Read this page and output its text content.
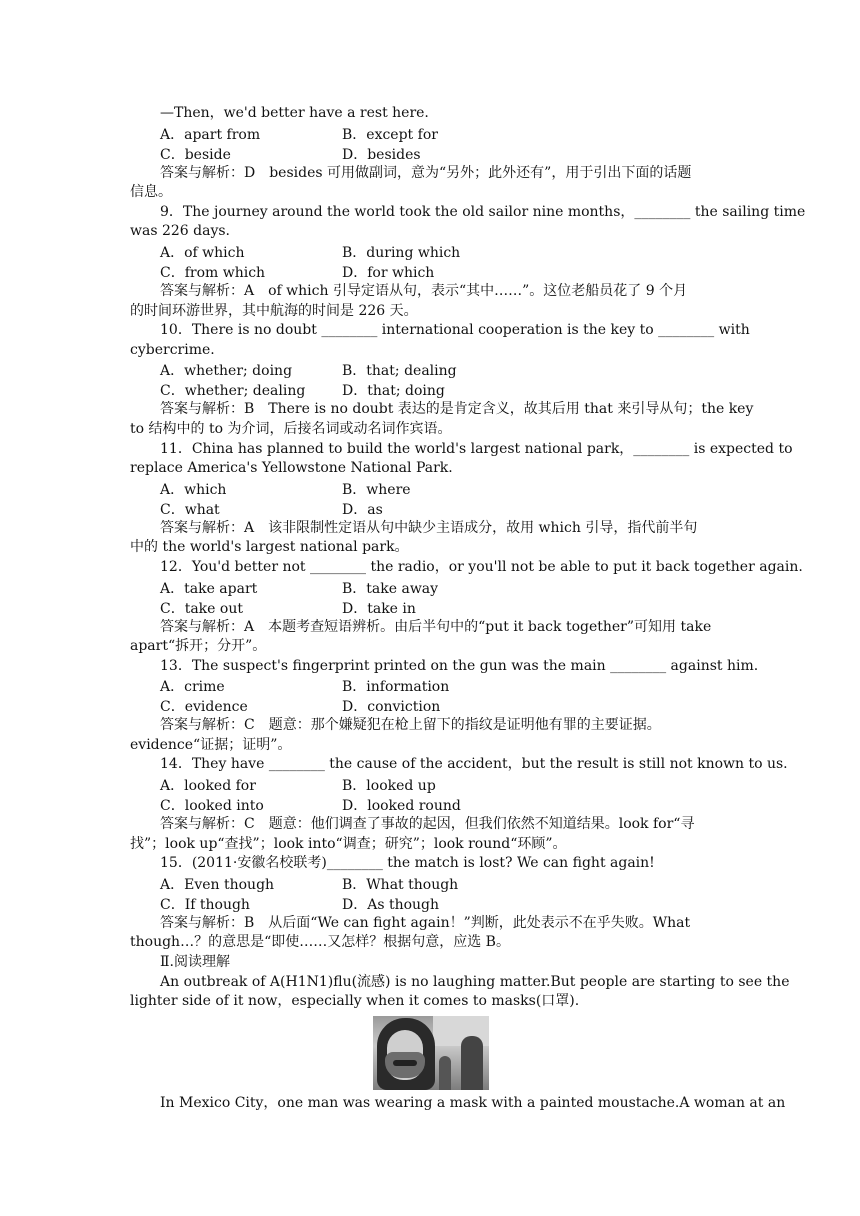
—Then，we'd better have a rest here.
A．apart from	B．except for
C．beside	D．besides
答案与解析：D　besides 可用做副词，意为“另外；此外还有”，用于引出下面的话题
信息。
9．The journey around the world took the old sailor nine months，________ the sailing time
was 226 days.
A．of which	B．during which
C．from which	D．for which
答案与解析：A　of which 引导定语从句，表示“其中……”。这位老船员花了 9 个月
的时间环游世界，其中航海的时间是 226 天。
10．There is no doubt ________ international cooperation is the key to ________ with
cybercrime.
A．whether; doing	B．that; dealing
C．whether; dealing	D．that; doing
答案与解析：B　There is no doubt 表达的是肯定含义，故其后用 that 来引导从句；the key
to 结构中的 to 为介词，后接名词或动名词作宾语。
11．China has planned to build the world's largest national park，________ is expected to
replace America's Yellowstone National Park.
A．which	B．where
C．what	D．as
答案与解析：A　该非限制性定语从句中缺少主语成分，故用 which 引导，指代前半句
中的 the world's largest national park。
12．You'd better not ________ the radio，or you'll not be able to put it back together again.
A．take apart	B．take away
C．take out	D．take in
答案与解析：A　本题考查短语辨析。由后半句中的“put it back together”可知用 take
apart“拆开；分开”。
13．The suspect's fingerprint printed on the gun was the main ________ against him.
A．crime	B．information
C．evidence	D．conviction
答案与解析：C　题意：那个嫌疑犯在枪上留下的指纹是证明他有罪的主要证据。
evidence“证据；证明”。
14．They have ________ the cause of the accident，but the result is still not known to us.
A．looked for	B．looked up
C．looked into	D．looked round
答案与解析：C　题意：他们调查了事故的起因，但我们依然不知道结果。look for“寻
找”；look up“查找”；look into“调查；研究”；look round“环顾”。
15．(2011·安徽名校联考)________ the match is lost? We can fight again!
A．Even though	B．What though
C．If though	D．As though
答案与解析：B　从后面“We can fight again！”判断，此处表示不在乎失败。What
though…？的意思是“即使……又怎样？根据句意，应选 B。
Ⅱ.阅读理解
An outbreak of A(H1N1)flu(流感) is no laughing matter.But people are starting to see the
lighter side of it now，especially when it comes to masks(口罩).
In Mexico City，one man was wearing a mask with a painted moustache.A woman at an
